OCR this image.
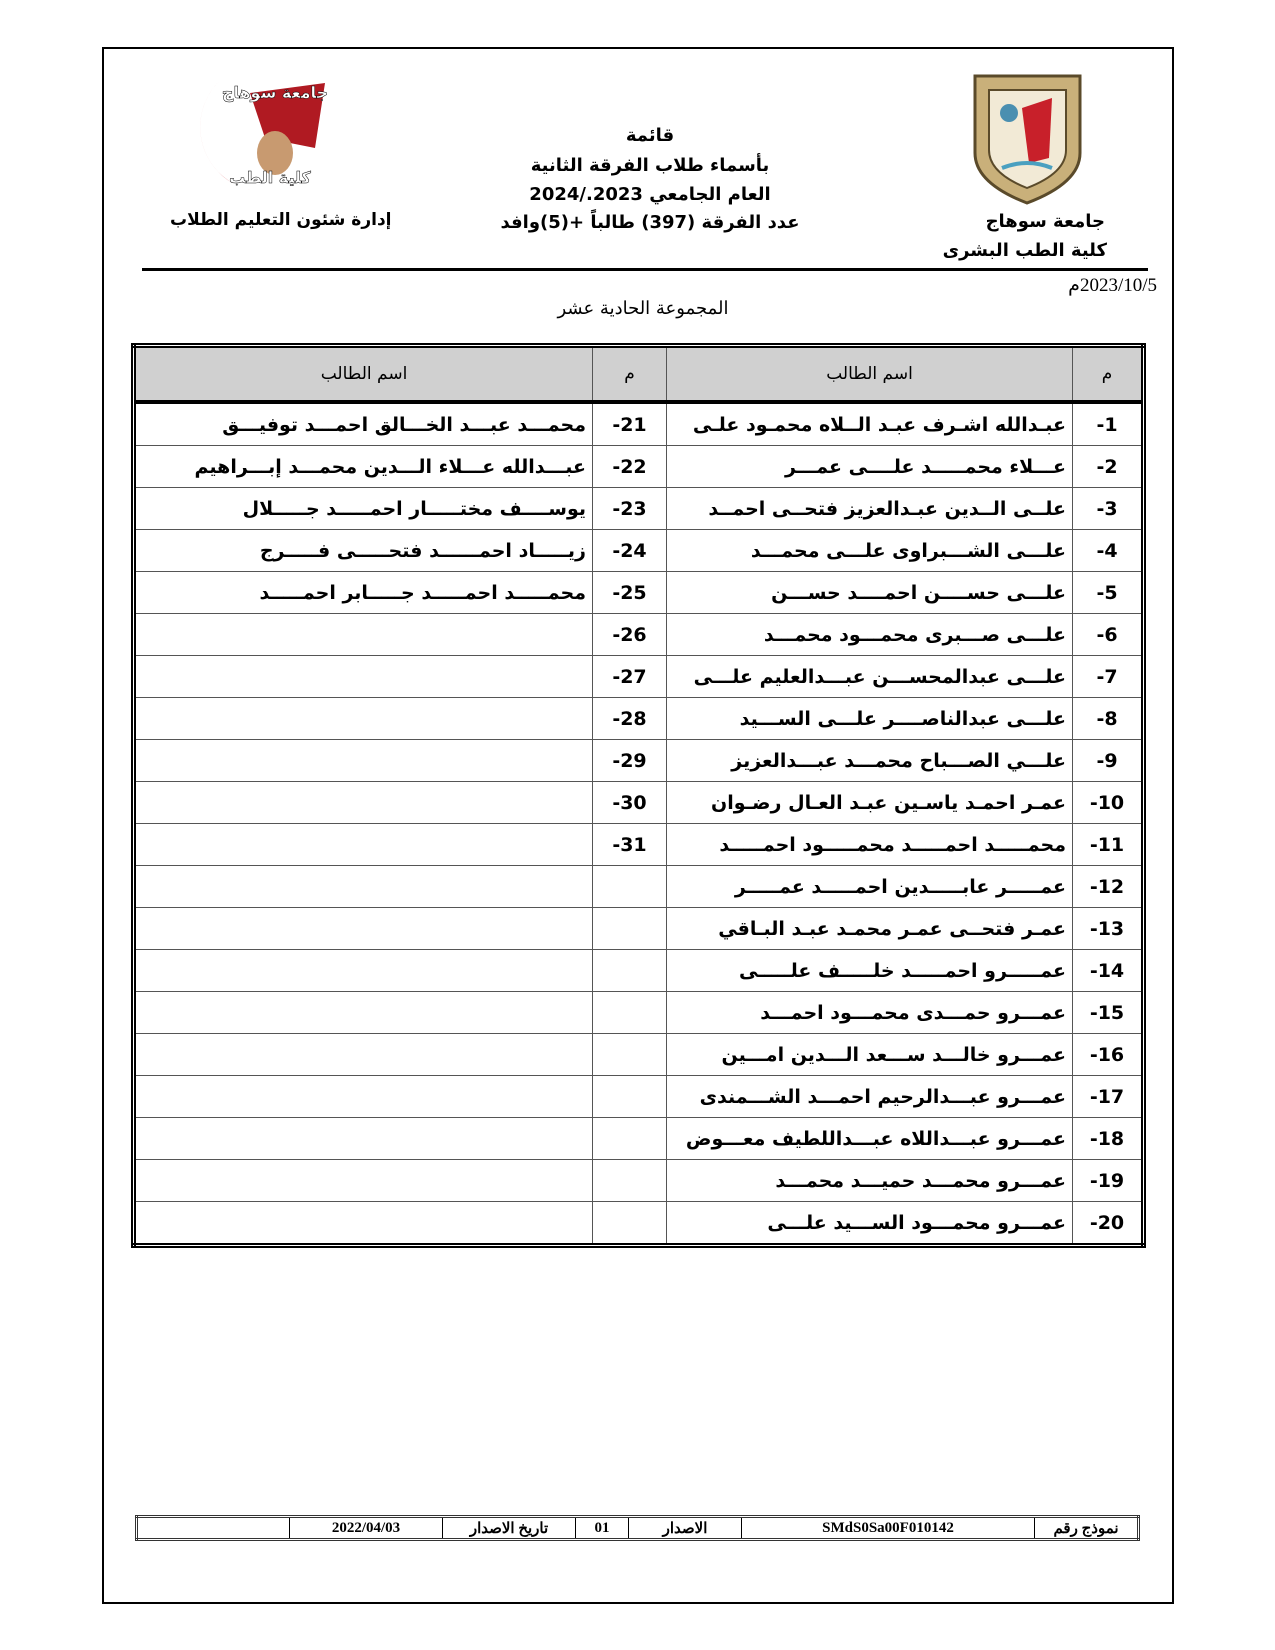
جامعة سوهاج
كلية الطب
جامعة سوهاج
كلية الطب البشرى
إدارة شئون التعليم الطلاب
قائمة
بأسماء طلاب الفرقة الثانية
العام الجامعي 2023./2024
عدد الفرقة (397) طالباً +(5)وافد
2023/10/5م
المجموعة الحادية عشر
م	اسم الطالب	م	اسم الطالب
-1	عبـدالله اشـرف عبـد الــلاه محمـود علـى	-21	محمـــد عبـــد الخـــالق احمـــد توفيـــق
-2	عـــلاء محمـــــد علــــى عمـــر	-22	عبـــدالله عـــلاء الـــدين محمـــد إبـــراهيم
-3	علــى الــدين عبـدالعزيز فتحــى احمــد	-23	يوســــف مختـــــار احمـــــد جـــــلال
-4	علـــى الشـــبراوى علـــى محمـــد	-24	زيـــــاد احمــــــد فتحـــــى فـــــرج
-5	علـــى حســــن احمــــد حســـن	-25	محمـــــد احمـــــد جـــــابر احمـــــد
-6	علـــى صـــبرى محمـــود محمـــد	-26	
-7	علـــى عبدالمحســـن عبـــدالعليم علـــى	-27	
-8	علـــى عبدالناصــــر علـــى الســـيد	-28	
-9	علـــي الصـــباح محمـــد عبـــدالعزيز	-29	
-10	عمـر احمـد ياسـين عبـد العـال رضـوان	-30	
-11	محمـــــد احمـــــد محمـــــود احمـــــد	-31	
-12	عمـــــر عابـــــدين احمـــــد عمـــــر		
-13	عمـر فتحــى عمـر محمـد عبـد البـاقي		
-14	عمـــــرو احمـــــد خلـــــف علـــــى		
-15	عمـــرو حمـــدى محمـــود احمـــد		
-16	عمـــرو خالـــد ســـعد الـــدين امـــين		
-17	عمـــرو عبـــدالرحيم احمـــد الشـــمندى		
-18	عمـــرو عبـــداللاه عبـــداللطيف معـــوض		
-19	عمـــرو محمـــد حميـــد محمـــد		
-20	عمـــرو محمـــود الســـيد علـــى		
نموذج رقم	SMdS0Sa00F010142	الاصدار	01	تاريخ الاصدار	2022/04/03	
